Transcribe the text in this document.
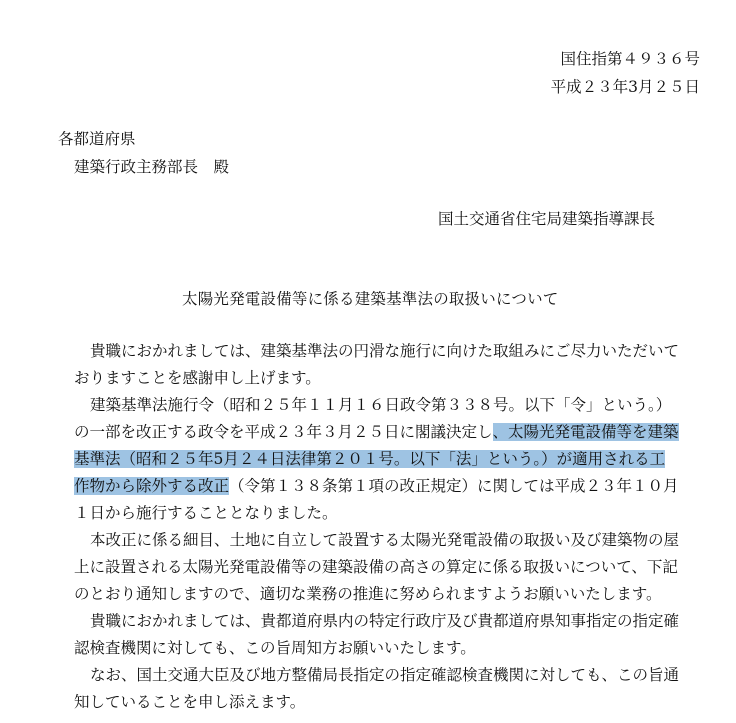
国住指第４９３６号
平成２３年3月２５日
各都道府県
建築行政主務部長　殿
国土交通省住宅局建築指導課長
太陽光発電設備等に係る建築基準法の取扱いについて
貴職におかれましては、建築基準法の円滑な施行に向けた取組みにご尽力いただいて
おりますことを感謝申し上げます。
建築基準法施行令（昭和２５年１１月１６日政令第３３８号。以下「令」という。）
の一部を改正する政令を平成２３年３月２５日に閣議決定し、太陽光発電設備等を建築
基準法（昭和２５年5月２４日法律第２０１号。以下「法」という。）が適用される工
作物から除外する改正（令第１３８条第１項の改正規定）に関しては平成２３年１０月
１日から施行することとなりました。
本改正に係る細目、土地に自立して設置する太陽光発電設備の取扱い及び建築物の屋
上に設置される太陽光発電設備等の建築設備の高さの算定に係る取扱いについて、下記
のとおり通知しますので、適切な業務の推進に努められますようお願いいたします。
貴職におかれましては、貴都道府県内の特定行政庁及び貴都道府県知事指定の指定確
認検査機関に対しても、この旨周知方お願いいたします。
なお、国土交通大臣及び地方整備局長指定の指定確認検査機関に対しても、この旨通
知していることを申し添えます。
